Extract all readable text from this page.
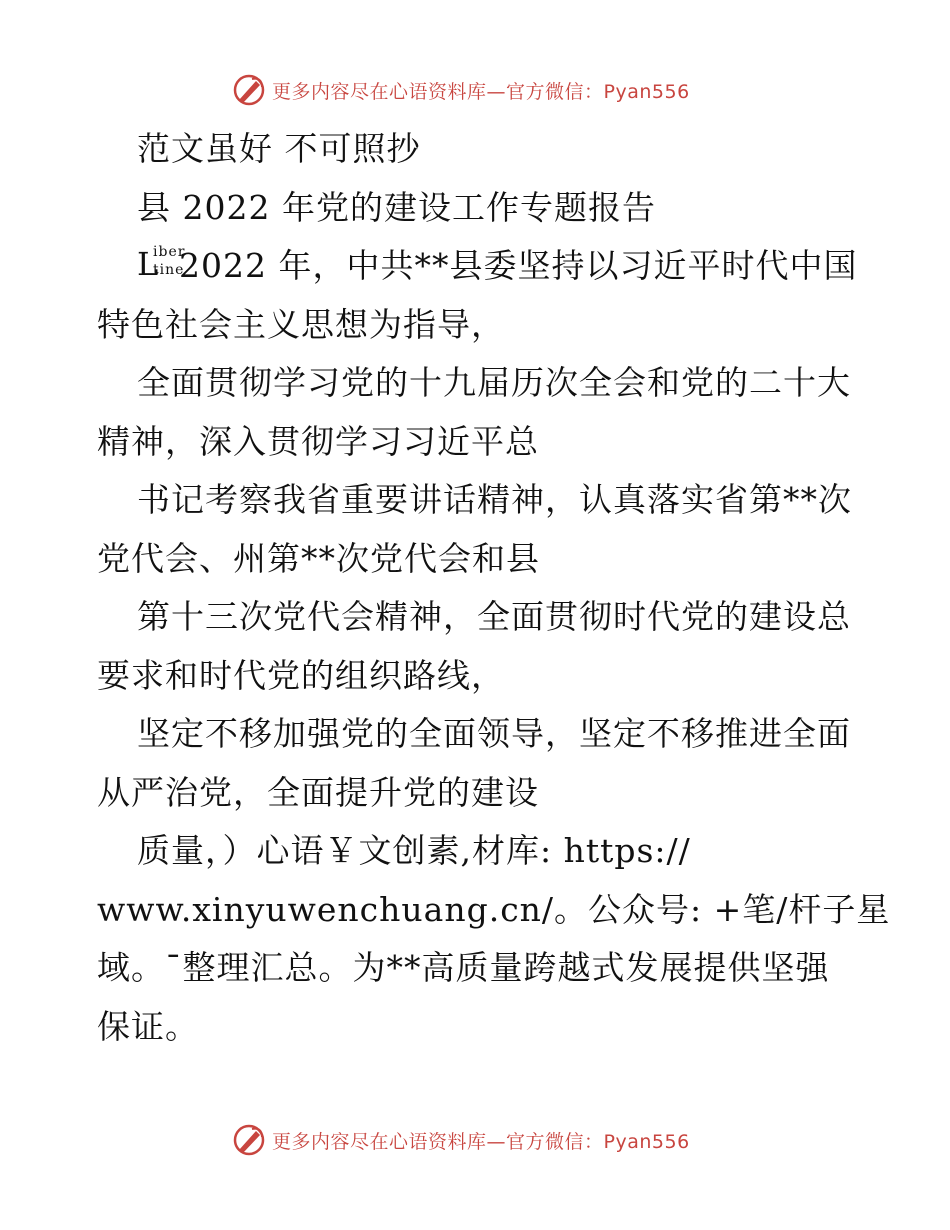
更多内容尽在心语资料库—官方微信：Pyan556
范文虽好 不可照抄
县 2022 年党的建设工作专题报告
L
iber
tine
2022 年，中共**县委坚持以习近平时代中国
特色社会主义思想为指导，
全面贯彻学习党的十九届历次全会和党的二十大
精神，深入贯彻学习习近平总
书记考察我省重要讲话精神，认真落实省第**次
党代会、州第**次党代会和县
第十三次党代会精神，全面贯彻时代党的建设总
要求和时代党的组织路线，
坚定不移加强党的全面领导，坚定不移推进全面
从严治党，全面提升党的建设
质量，）心语￥文创素,材库: https://
www.xinyuwenchuang.cn/。公众号: +笔/杆子星
域。¯整理汇总。为**高质量跨越式发展提供坚强
保证。
更多内容尽在心语资料库—官方微信：Pyan556
